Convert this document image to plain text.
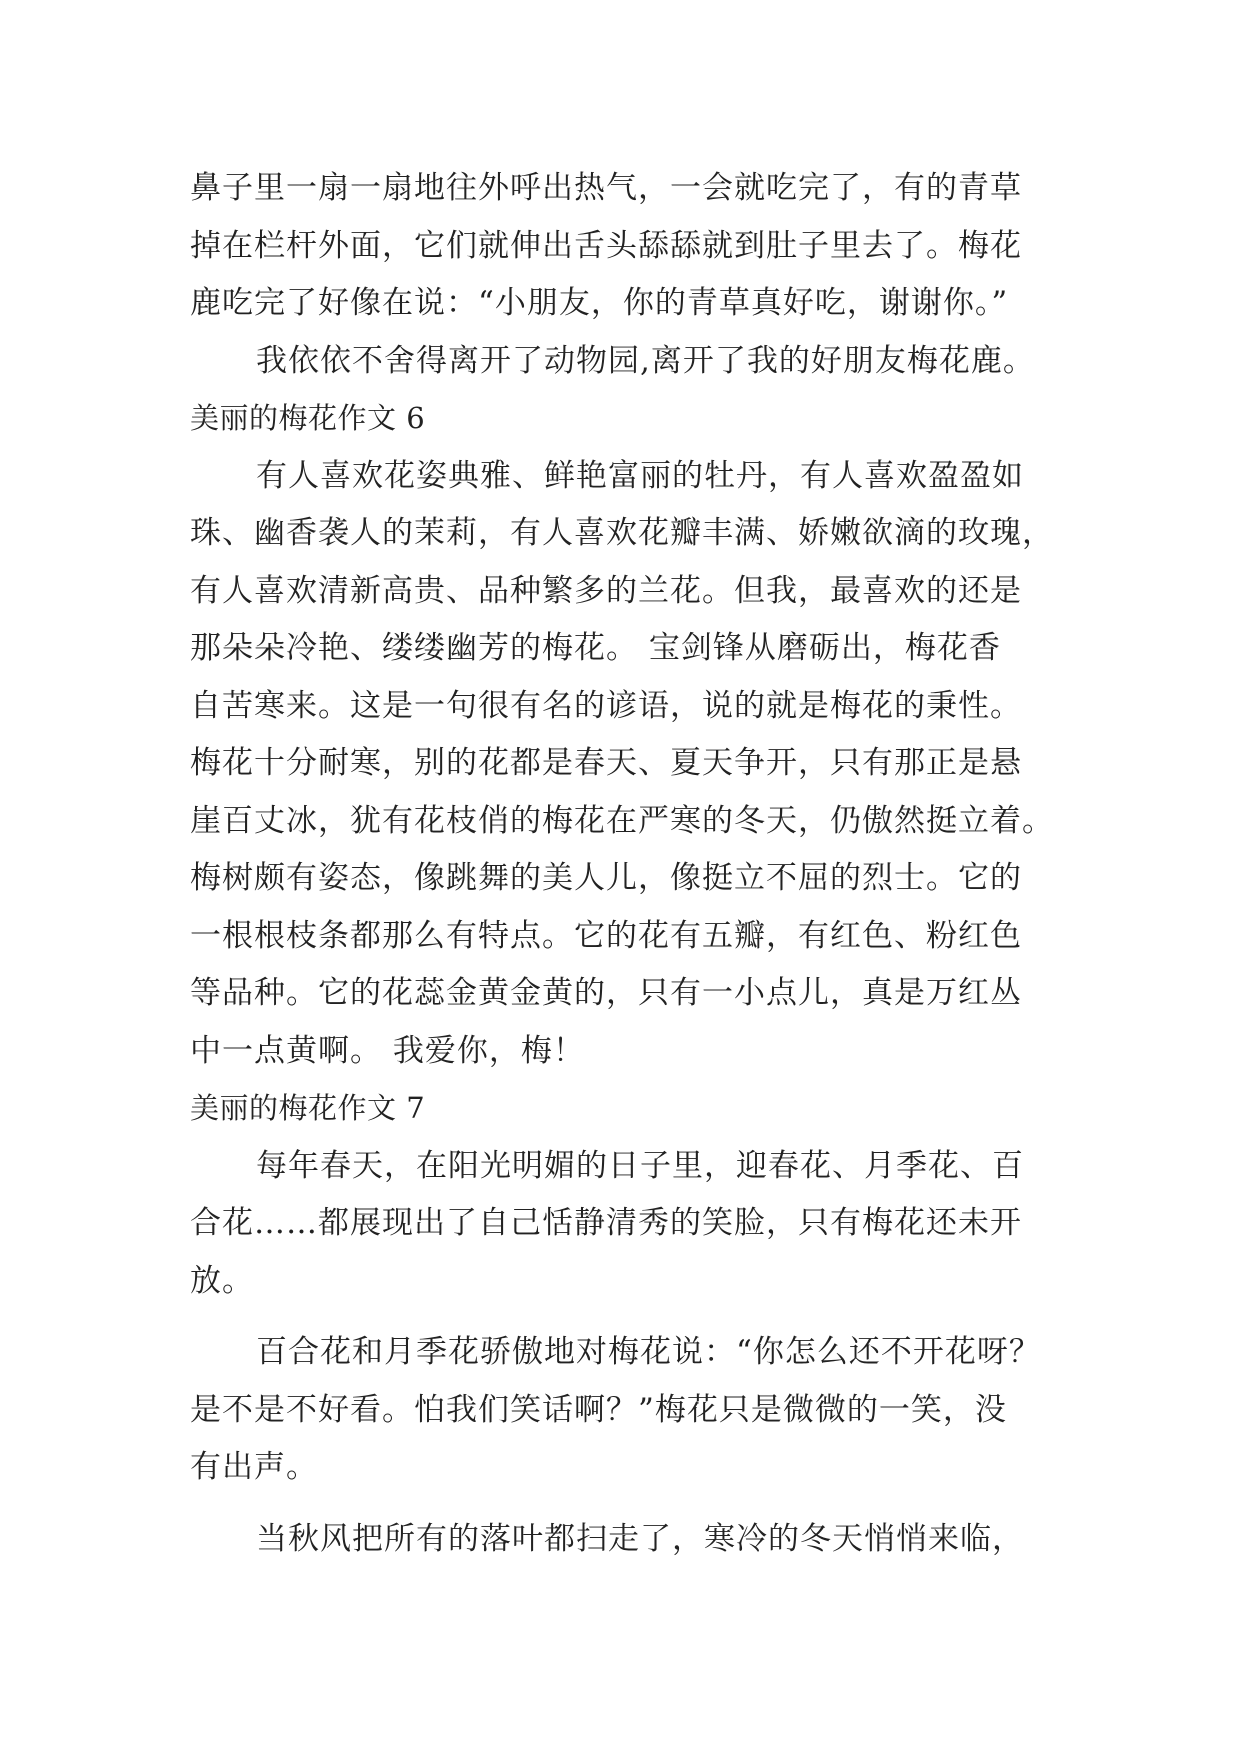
鼻子里一扇一扇地往外呼出热气，一会就吃完了，有的青草
掉在栏杆外面，它们就伸出舌头舔舔就到肚子里去了。梅花
鹿吃完了好像在说：“小朋友，你的青草真好吃，谢谢你。”
我依依不舍得离开了动物园,离开了我的好朋友梅花鹿。
美丽的梅花作文 6
有人喜欢花姿典雅、鲜艳富丽的牡丹，有人喜欢盈盈如
珠、幽香袭人的茉莉，有人喜欢花瓣丰满、娇嫩欲滴的玫瑰，
有人喜欢清新高贵、品种繁多的兰花。但我，最喜欢的还是
那朵朵冷艳、缕缕幽芳的梅花。 宝剑锋从磨砺出，梅花香
自苦寒来。这是一句很有名的谚语，说的就是梅花的秉性。
梅花十分耐寒，别的花都是春天、夏天争开，只有那正是悬
崖百丈冰，犹有花枝俏的梅花在严寒的冬天，仍傲然挺立着。
梅树颇有姿态，像跳舞的美人儿，像挺立不屈的烈士。它的
一根根枝条都那么有特点。它的花有五瓣，有红色、粉红色
等品种。它的花蕊金黄金黄的，只有一小点儿，真是万红丛
中一点黄啊。 我爱你，梅！
美丽的梅花作文 7
每年春天，在阳光明媚的日子里，迎春花、月季花、百
合花……都展现出了自己恬静清秀的笑脸，只有梅花还未开
放。
百合花和月季花骄傲地对梅花说：“你怎么还不开花呀？
是不是不好看。怕我们笑话啊？”梅花只是微微的一笑，没
有出声。
当秋风把所有的落叶都扫走了，寒冷的冬天悄悄来临，
